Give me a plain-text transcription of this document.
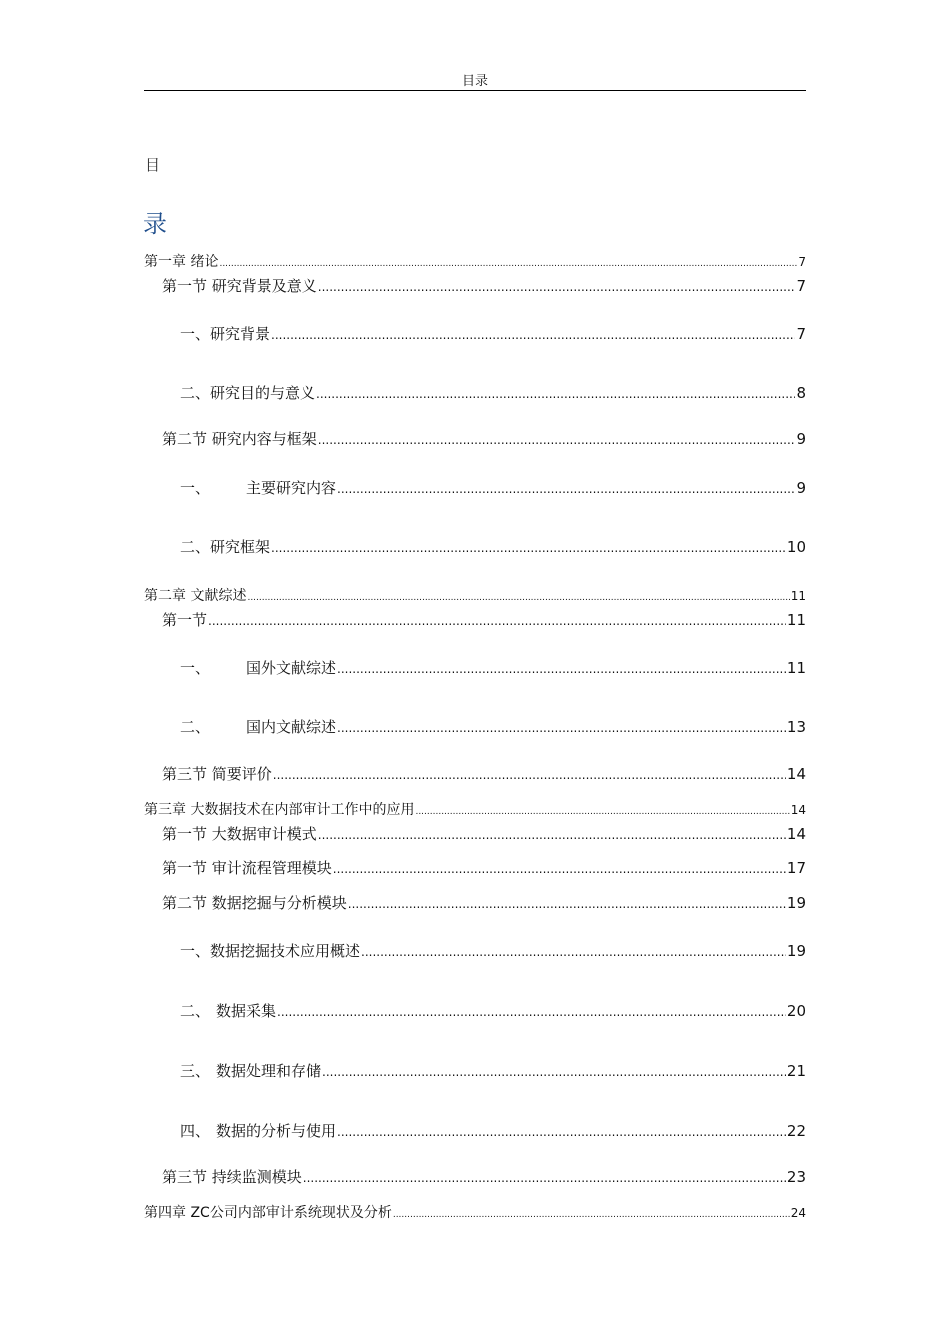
目录
目
录
第一章 绪论 .....	7
第一节 研究背景及意义 .....	7
一、研究背景 .....	7
二、研究目的与意义 .....	8
第二节 研究内容与框架 .....	9
一、 主要研究内容 .....	9
二、研究框架 .....	10
第二章 文献综述 .....	11
第一节 .....	11
一、 国外文献综述 .....	11
二、 国内文献综述 .....	13
第三节 简要评价 .....	14
第三章 大数据技术在内部审计工作中的应用 .....	14
第一节 大数据审计模式 .....	14
第一节 审计流程管理模块 .....	17
第二节 数据挖掘与分析模块 .....	19
一、数据挖掘技术应用概述 .....	19
二、 数据采集 .....	20
三、 数据处理和存储 .....	21
四、 数据的分析与使用 .....	22
第三节 持续监测模块 .....	23
第四章 ZC公司内部审计系统现状及分析 .....	24
